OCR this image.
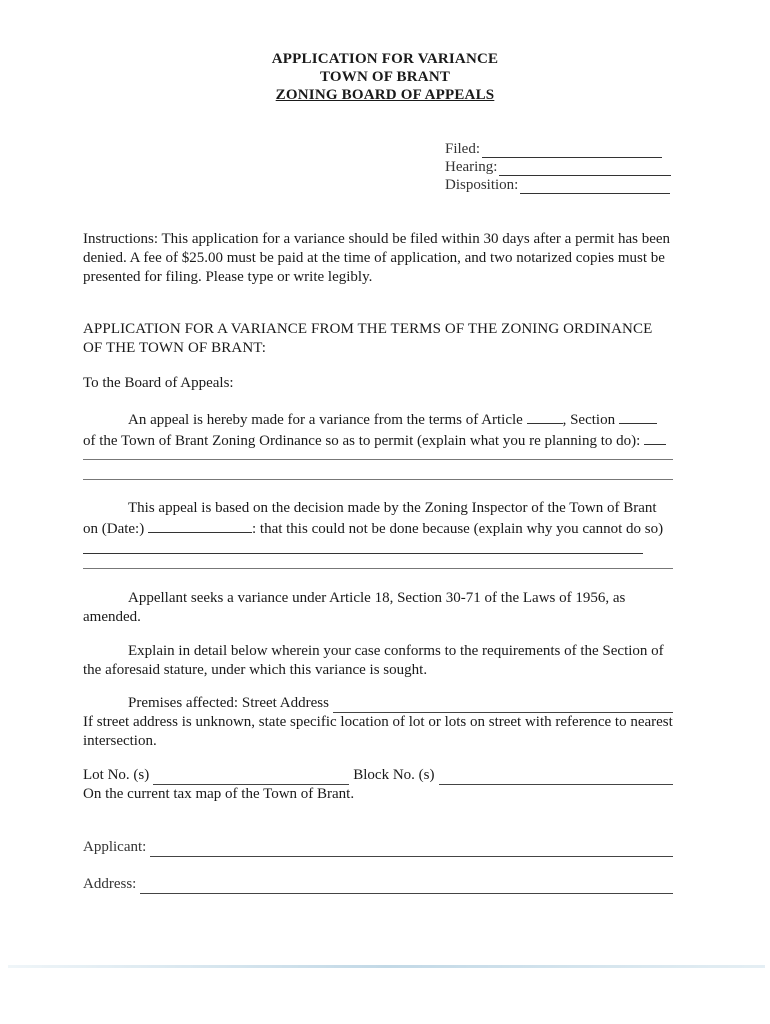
APPLICATION FOR VARIANCE
TOWN OF BRANT
ZONING BOARD OF APPEALS
Filed:
Hearing:
Disposition:
Instructions: This application for a variance should be filed within 30 days after a permit has been denied. A fee of $25.00 must be paid at the time of application, and two notarized copies must be presented for filing. Please type or write legibly.
APPLICATION FOR A VARIANCE FROM THE TERMS OF THE ZONING ORDINANCE OF THE TOWN OF BRANT:
To the Board of Appeals:
An appeal is hereby made for a variance from the terms of Article	, Section  of the Town of Brant Zoning Ordinance so as to permit (explain what you re planning to do):
This appeal is based on the decision made by the Zoning Inspector of the Town of Brant on (Date:)	: that this could not be done because (explain why you cannot do so)
Appellant seeks a variance under Article 18, Section 30-71 of the Laws of 1956, as amended.
Explain in detail below wherein your case conforms to the requirements of the Section of the aforesaid stature, under which this variance is sought.
Premises affected: Street Address
If street address is unknown, state specific location of lot or lots on street with reference to nearest intersection.
Lot No. (s)	Block No. (s)
On the current tax map of the Town of Brant.
Applicant:
Address:
